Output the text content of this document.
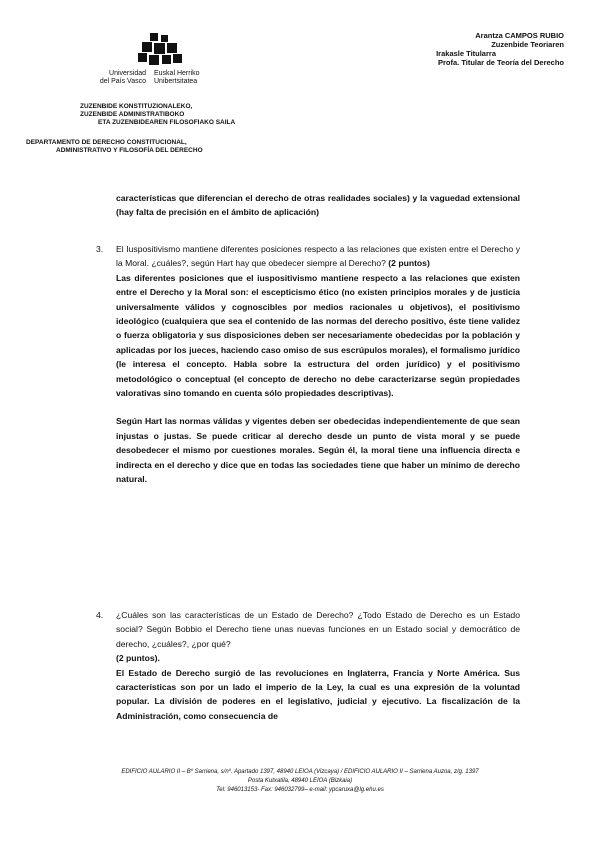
Universidad
del País Vasco
Euskal Herriko
Unibertsitatea
ZUZENBIDE KONSTITUZIONALEKO,
ZUZENBIDE ADMINISTRATIBOKO
ETA ZUZENBIDEAREN FILOSOFIAKO SAILA
DEPARTAMENTO DE DERECHO CONSTITUCIONAL,
ADMINISTRATIVO Y FILOSOFÍA DEL DERECHO
Arantza CAMPOS RUBIO
Zuzenbide Teoriaren
Irakasle Titularra
Profa. Titular de Teoría del Derecho
características que diferencian el derecho de otras realidades sociales) y la vaguedad extensional (hay falta de precisión en el ámbito de aplicación)
3. El Iuspositivismo mantiene diferentes posiciones respecto a las relaciones que existen entre el Derecho y la Moral. ¿cuáles?, según Hart hay que obedecer siempre al Derecho? (2 puntos)
Las diferentes posiciones que el iuspositivismo mantiene respecto a las relaciones que existen entre el Derecho y la Moral son: el escepticismo ético (no existen principios morales y de justicia universalmente válidos y cognoscibles por medios racionales u objetivos), el positivismo ideológico (cualquiera que sea el contenido de las normas del derecho positivo, éste tiene validez o fuerza obligatoria y sus disposiciones deben ser necesariamente obedecidas por la población y aplicadas por los jueces, haciendo caso omiso de sus escrúpulos morales), el formalismo jurídico (le interesa el concepto. Habla sobre la estructura del orden jurídico) y el positivismo metodológico o conceptual (el concepto de derecho no debe caracterizarse según propiedades valorativas sino tomando en cuenta sólo propiedades descriptivas).
Según Hart las normas válidas y vigentes deben ser obedecidas independientemente de que sean injustas o justas. Se puede criticar al derecho desde un punto de vista moral y se puede desobedecer el mismo por cuestiones morales. Según él, la moral tiene una influencia directa e indirecta en el derecho y dice que en todas las sociedades tiene que haber un mínimo de derecho natural.
4. ¿Cuáles son las características de un Estado de Derecho? ¿Todo Estado de Derecho es un Estado social? Según Bobbio el Derecho tiene unas nuevas funciones en un Estado social y democrático de derecho, ¿cuáles?, ¿por qué?
(2 puntos).
El Estado de Derecho surgió de las revoluciones en Inglaterra, Francia y Norte América. Sus características son por un lado el imperio de la Ley, la cual es una expresión de la voluntad popular. La división de poderes en el legislativo, judicial y ejecutivo. La fiscalización de la Administración, como consecuencia de
EDIFICIO AULARIO II – Bº Sarriena, s/nº. Apartado 1397, 48940 LEIOA (Vizcaya) / EDIFICIO AULARIO II – Sarriena Auzoa, z/g. 1397
Posta Kutxatila, 48940 LEIOA (Bizkaia)
Tel: 946013153- Fax: 946032799– e-mail: ypcaruxa@lg.ehu.es
